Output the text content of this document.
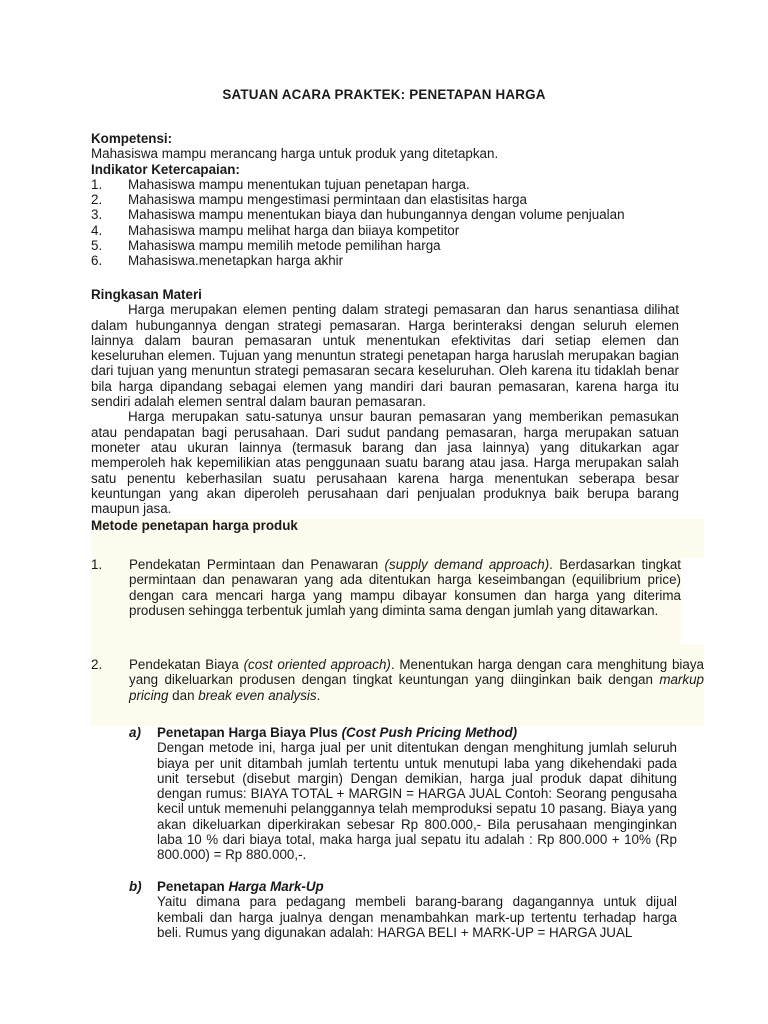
SATUAN ACARA PRAKTEK: PENETAPAN HARGA
Kompetensi:
Mahasiswa mampu merancang harga untuk produk yang ditetapkan.
Indikator Ketercapaian:
1.	Mahasiswa mampu menentukan tujuan penetapan harga.
2.	Mahasiswa mampu mengestimasi permintaan dan elastisitas harga
3.	Mahasiswa mampu menentukan biaya dan hubungannya dengan volume penjualan
4.	Mahasiswa mampu melihat harga dan biiaya kompetitor
5.	Mahasiswa mampu memilih metode pemilihan harga
6.	Mahasiswa.menetapkan harga akhir
Ringkasan Materi
Harga merupakan elemen penting dalam strategi pemasaran dan harus senantiasa dilihat dalam hubungannya dengan strategi pemasaran. Harga berinteraksi dengan seluruh elemen lainnya dalam bauran pemasaran untuk menentukan efektivitas dari setiap elemen dan keseluruhan elemen. Tujuan yang menuntun strategi penetapan harga haruslah merupakan bagian dari tujuan yang menuntun strategi pemasaran secara keseluruhan. Oleh karena itu tidaklah benar bila harga dipandang sebagai elemen yang mandiri dari bauran pemasaran, karena harga itu sendiri adalah elemen sentral dalam bauran pemasaran.
Harga merupakan satu-satunya unsur bauran pemasaran yang memberikan pemasukan atau pendapatan bagi perusahaan. Dari sudut pandang pemasaran, harga merupakan satuan moneter atau ukuran lainnya (termasuk barang dan jasa lainnya) yang ditukarkan agar memperoleh hak kepemilikian atas penggunaan suatu barang atau jasa. Harga merupakan salah satu penentu keberhasilan suatu perusahaan karena harga menentukan seberapa besar keuntungan yang akan diperoleh perusahaan dari penjualan produknya baik berupa barang maupun jasa.
Metode penetapan harga produk
1.	Pendekatan Permintaan dan Penawaran (supply demand approach). Berdasarkan tingkat permintaan dan penawaran yang ada ditentukan harga keseimbangan (equilibrium price) dengan cara mencari harga yang mampu dibayar konsumen dan harga yang diterima produsen sehingga terbentuk jumlah yang diminta sama dengan jumlah yang ditawarkan.
2.	Pendekatan Biaya (cost oriented approach). Menentukan harga dengan cara menghitung biaya yang dikeluarkan produsen dengan tingkat keuntungan yang diinginkan baik dengan markup pricing dan break even analysis.
a)	Penetapan Harga Biaya Plus (Cost Push Pricing Method)
Dengan metode ini, harga jual per unit ditentukan dengan menghitung jumlah seluruh biaya per unit ditambah jumlah tertentu untuk menutupi laba yang dikehendaki pada unit tersebut (disebut margin) Dengan demikian, harga jual produk dapat dihitung dengan rumus: BIAYA TOTAL + MARGIN = HARGA JUAL Contoh: Seorang pengusaha kecil untuk memenuhi pelanggannya telah memproduksi sepatu 10 pasang. Biaya yang akan dikeluarkan diperkirakan sebesar Rp 800.000,- Bila perusahaan menginginkan laba 10 % dari biaya total, maka harga jual sepatu itu adalah : Rp 800.000 + 10% (Rp 800.000) = Rp 880.000,-.
b)	Penetapan Harga Mark-Up
Yaitu dimana para pedagang membeli barang-barang dagangannya untuk dijual kembali dan harga jualnya dengan menambahkan mark-up tertentu terhadap harga beli. Rumus yang digunakan adalah: HARGA BELI + MARK-UP = HARGA JUAL
